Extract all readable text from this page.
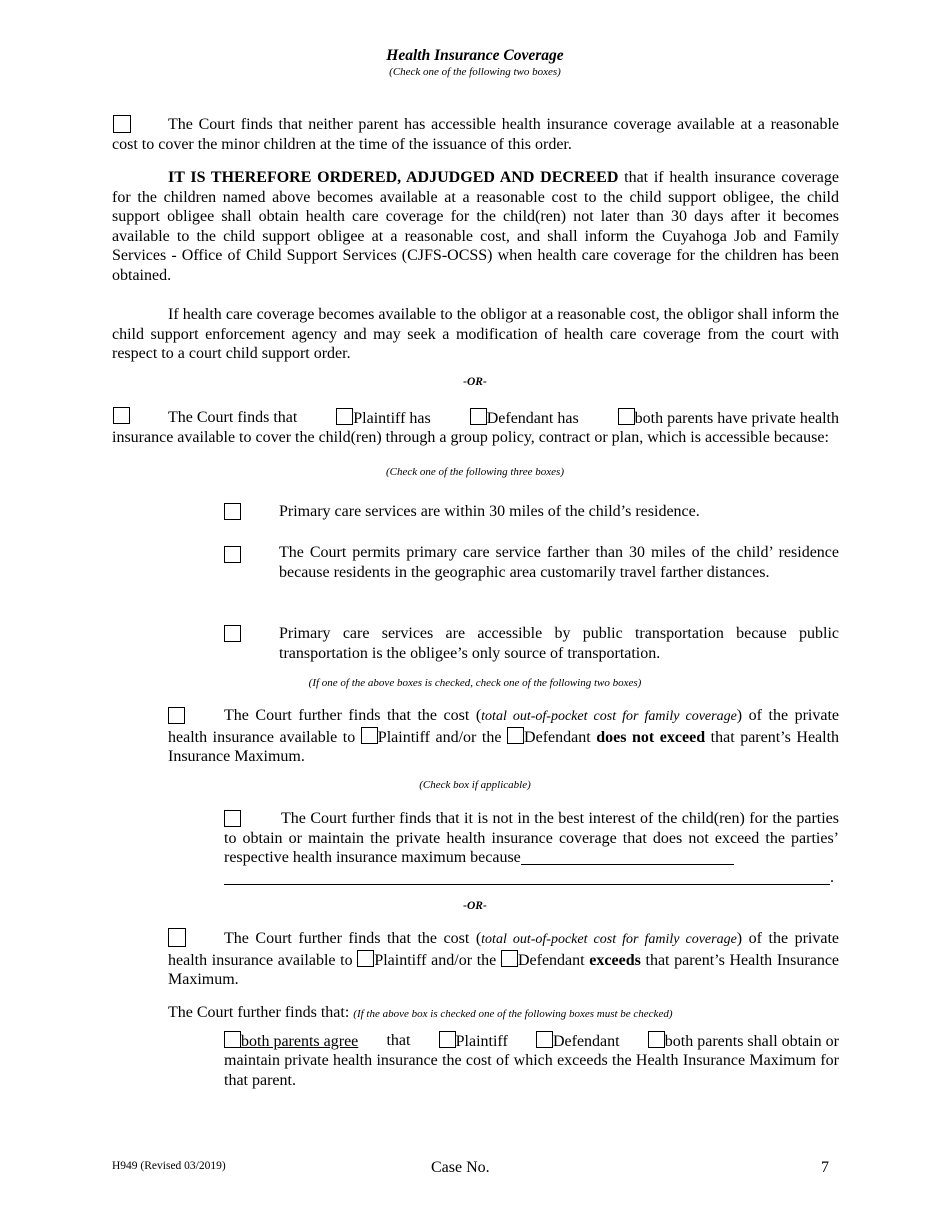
Health Insurance Coverage
(Check one of the following two boxes)
The Court finds that neither parent has accessible health insurance coverage available at a reasonable cost to cover the minor children at the time of the issuance of this order.
IT IS THEREFORE ORDERED, ADJUDGED AND DECREED that if health insurance coverage for the children named above becomes available at a reasonable cost to the child support obligee, the child support obligee shall obtain health care coverage for the child(ren) not later than 30 days after it becomes available to the child support obligee at a reasonable cost, and shall inform the Cuyahoga Job and Family Services - Office of Child Support Services (CJFS-OCSS) when health care coverage for the children has been obtained.
If health care coverage becomes available to the obligor at a reasonable cost, the obligor shall inform the child support enforcement agency and may seek a modification of health care coverage from the court with respect to a court child support order.
-OR-
The Court finds that	Plaintiff has	Defendant has	both parents have private health
insurance available to cover the child(ren) through a group policy, contract or plan, which is accessible because:
(Check one of the following three boxes)
Primary care services are within 30 miles of the child’s residence.
The Court permits primary care service farther than 30 miles of the child’ residence because residents in the geographic area customarily travel farther distances.
Primary care services are accessible by public transportation because public transportation is the obligee’s only source of transportation.
(If one of the above boxes is checked, check one of the following two boxes)
The Court further finds that the cost (total out-of-pocket cost for family coverage) of the private health insurance available to Plaintiff and/or the Defendant does not exceed that parent’s Health Insurance Maximum.
(Check box if applicable)
The Court further finds that it is not in the best interest of the child(ren) for the parties to obtain or maintain the private health insurance coverage that does not exceed the parties’ respective health insurance maximum because
.
-OR-
The Court further finds that the cost (total out-of-pocket cost for family coverage) of the private health insurance available to Plaintiff and/or the Defendant exceeds that parent’s Health Insurance Maximum.
The Court further finds that: (If the above box is checked one of the following boxes must be checked)
both parents agree that	Plaintiff	Defendant	both parents shall obtain or
maintain private health insurance the cost of which exceeds the Health Insurance Maximum for that parent.
H949 (Revised 03/2019)	Case No.	7
